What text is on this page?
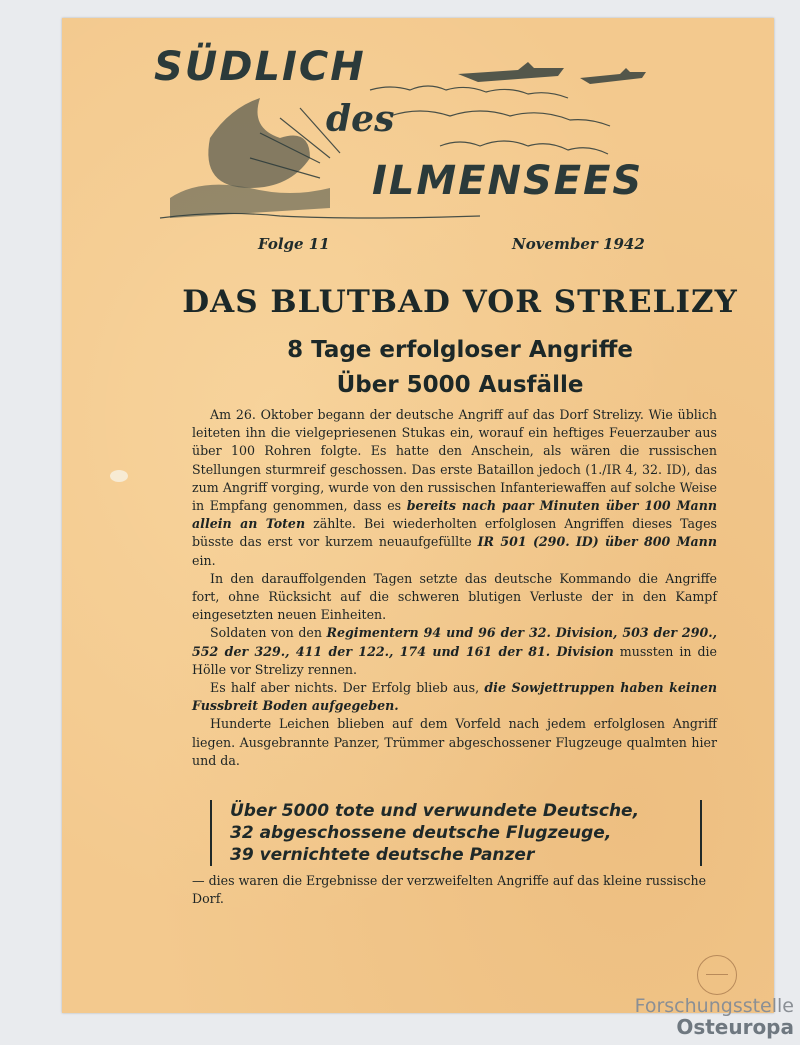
SÜDLICH
des
ILMENSEES
Folge 11	November 1942
DAS BLUTBAD VOR STRELIZY
8 Tage erfolgloser Angriffe
Über 5000 Ausfälle

Am 26. Oktober begann der deutsche Angriff auf das Dorf Strelizy. Wie üblich leiteten ihn die vielgepriesenen Stukas ein, worauf ein heftiges Feuerzauber aus über 100 Rohren folgte. Es hatte den Anschein, als wären die russischen Stellungen sturmreif geschossen. Das erste Bataillon jedoch (1./IR 4, 32. ID), das zum Angriff vorging, wurde von den russischen Infanteriewaffen auf solche Weise in Empfang genommen, dass es bereits nach paar Minuten über 100 Mann allein an Toten zählte. Bei wiederholten erfolglosen Angriffen dieses Tages büsste das erst vor kurzem neuaufgefüllte IR 501 (290. ID) über 800 Mann ein.

In den darauffolgenden Tagen setzte das deutsche Kommando die Angriffe fort, ohne Rücksicht auf die schweren blutigen Verluste der in den Kampf eingesetzten neuen Einheiten.

Soldaten von den Regimentern 94 und 96 der 32. Division, 503 der 290., 552 der 329., 411 der 122., 174 und 161 der 81. Division mussten in die Hölle vor Strelizy rennen.

Es half aber nichts. Der Erfolg blieb aus, die Sowjettruppen haben keinen Fussbreit Boden aufgegeben.

Hunderte Leichen blieben auf dem Vorfeld nach jedem erfolglosen Angriff liegen. Ausgebrannte Panzer, Trümmer abgeschossener Flugzeuge qualmten hier und da.

Über 5000 tote und verwundete Deutsche,
32 abgeschossene deutsche Flugzeuge,
39 vernichtete deutsche Panzer
— dies waren die Ergebnisse der verzweifelten Angriffe auf das kleine russische Dorf.
Forschungsstelle
Osteuropa
